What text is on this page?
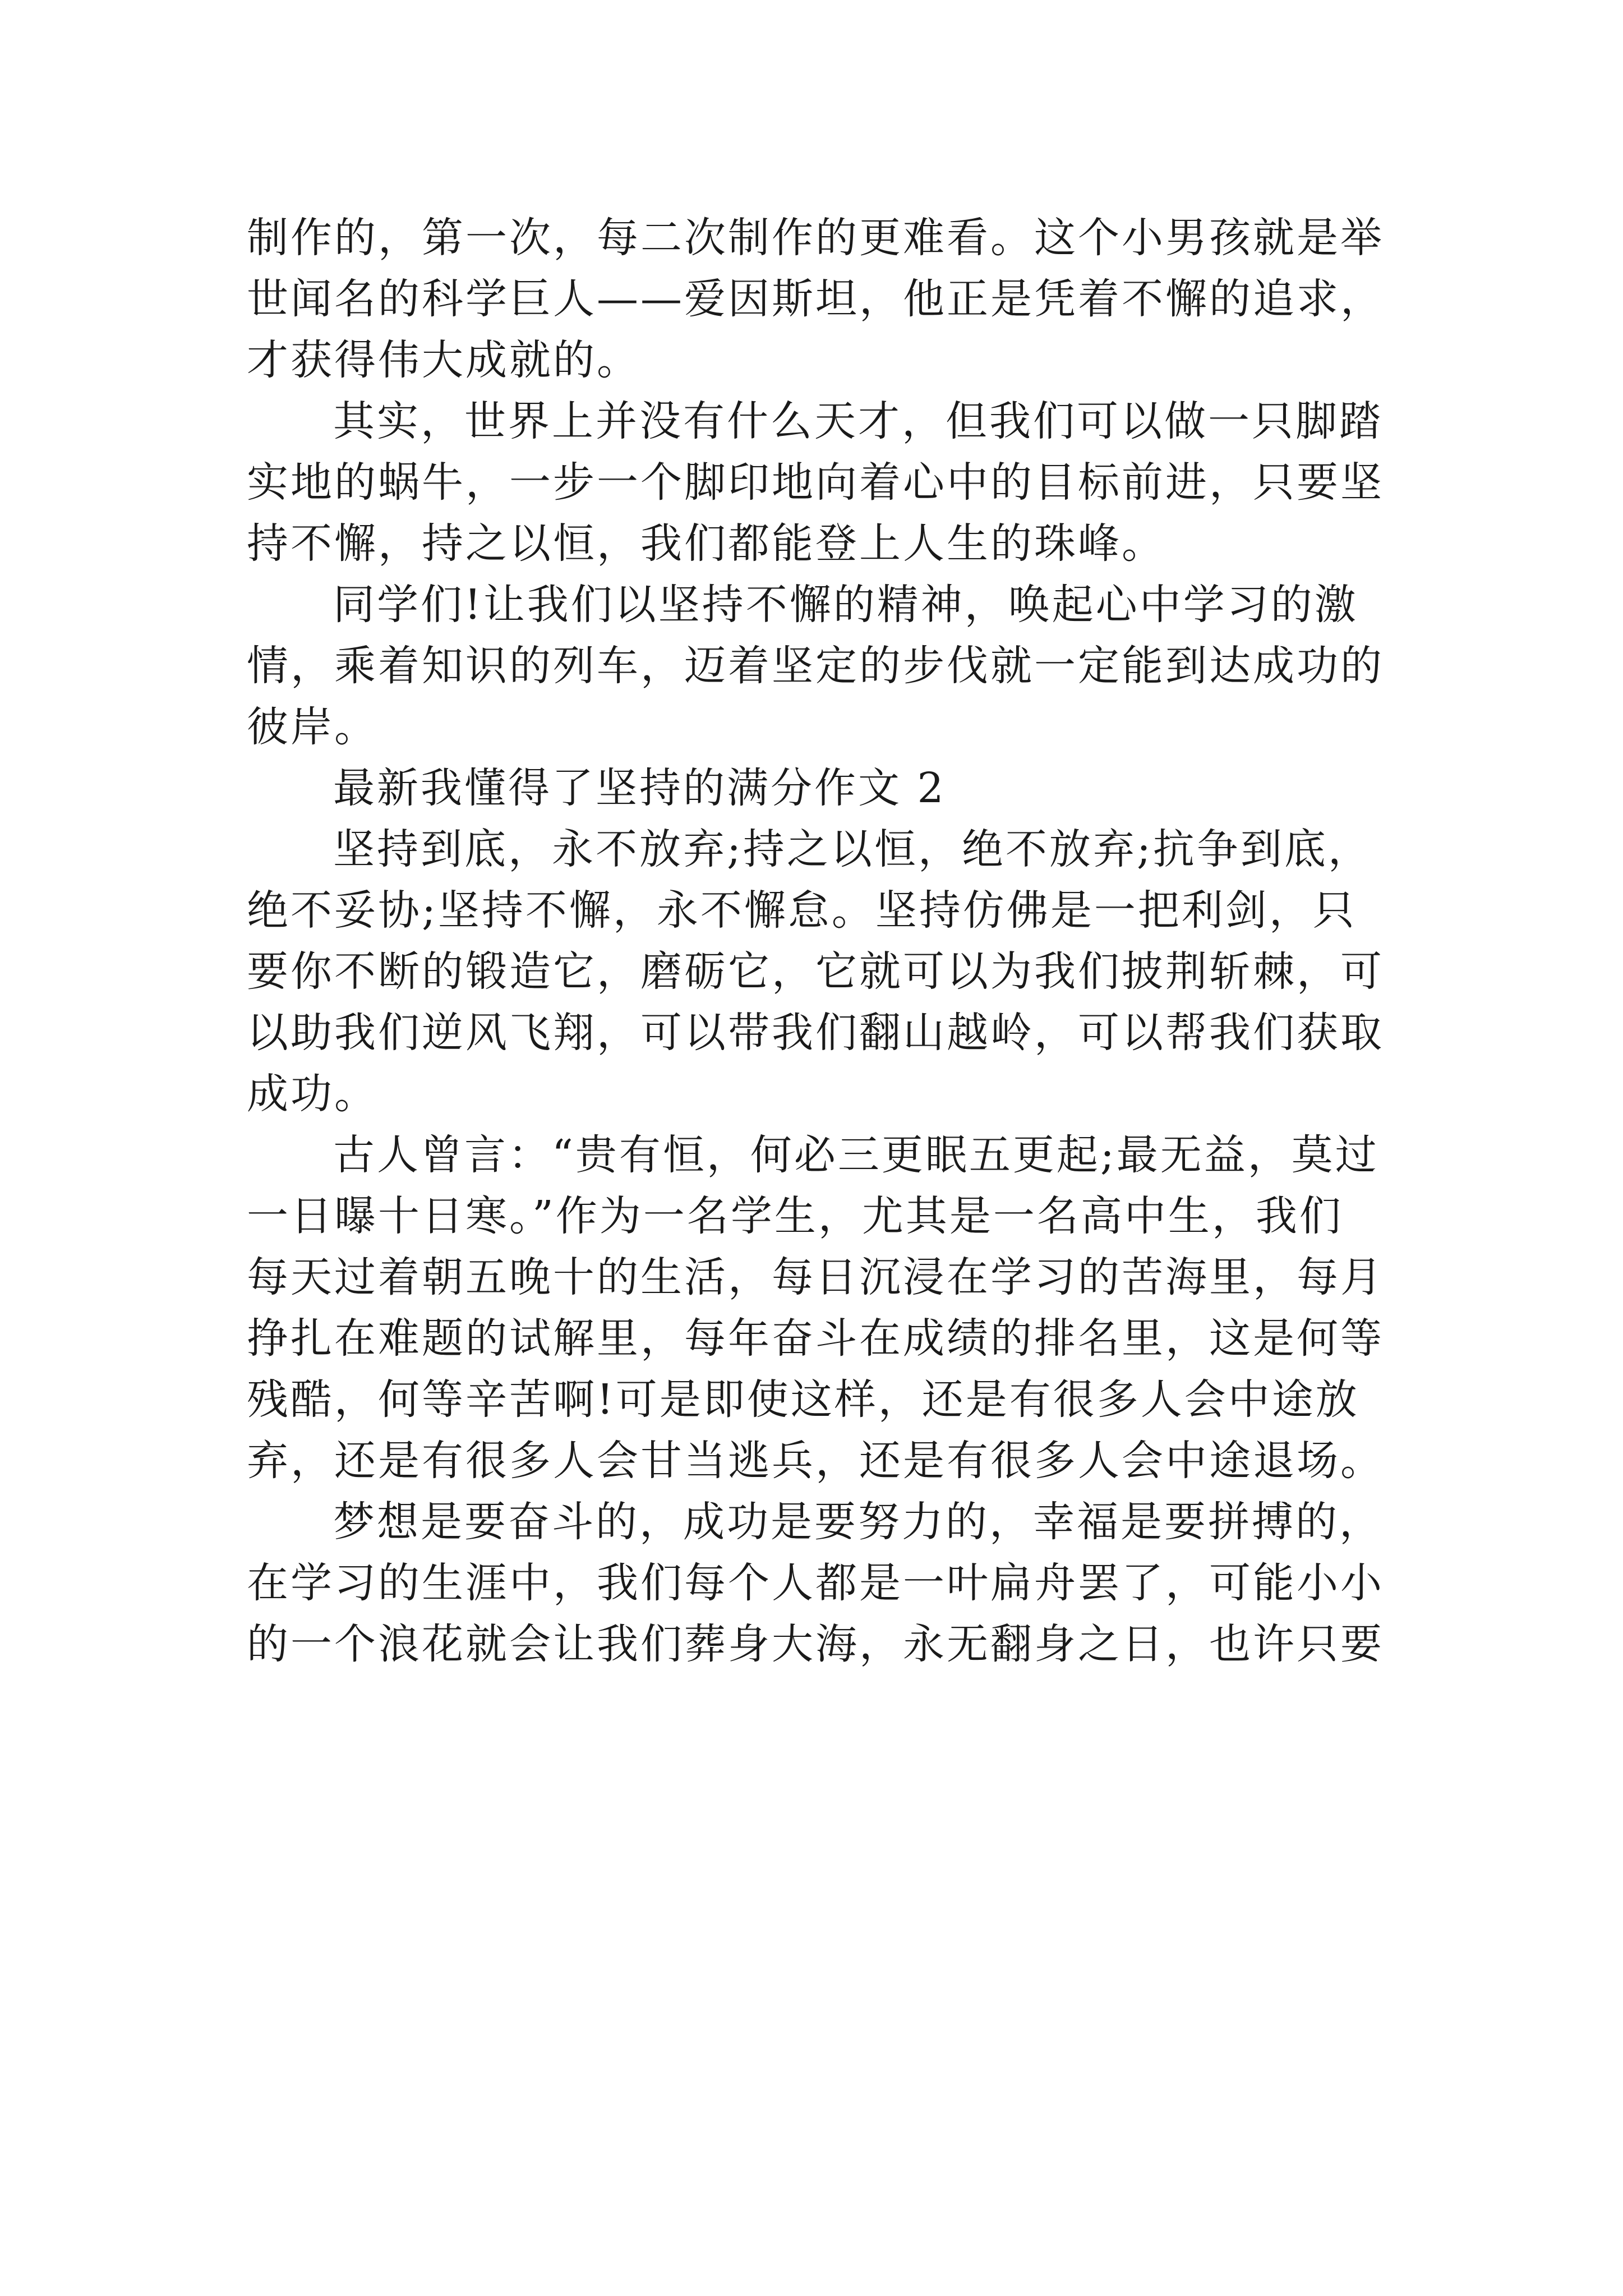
制作的，第一次，每二次制作的更难看。这个小男孩就是举
世闻名的科学巨人——爱因斯坦，他正是凭着不懈的追求，
才获得伟大成就的。

其实，世界上并没有什么天才，但我们可以做一只脚踏
实地的蜗牛，一步一个脚印地向着心中的目标前进，只要坚
持不懈，持之以恒，我们都能登上人生的珠峰。

同学们!让我们以坚持不懈的精神，唤起心中学习的激
情，乘着知识的列车，迈着坚定的步伐就一定能到达成功的
彼岸。

最新我懂得了坚持的满分作文 2

坚持到底，永不放弃;持之以恒，绝不放弃;抗争到底，
绝不妥协;坚持不懈，永不懈怠。坚持仿佛是一把利剑，只
要你不断的锻造它，磨砺它，它就可以为我们披荆斩棘，可
以助我们逆风飞翔，可以带我们翻山越岭，可以帮我们获取
成功。

古人曾言：“贵有恒，何必三更眠五更起;最无益，莫过
一日曝十日寒。”作为一名学生，尤其是一名高中生，我们
每天过着朝五晚十的生活，每日沉浸在学习的苦海里，每月
挣扎在难题的试解里，每年奋斗在成绩的排名里，这是何等
残酷，何等辛苦啊!可是即使这样，还是有很多人会中途放
弃，还是有很多人会甘当逃兵，还是有很多人会中途退场。

梦想是要奋斗的，成功是要努力的，幸福是要拼搏的，
在学习的生涯中，我们每个人都是一叶扁舟罢了，可能小小
的一个浪花就会让我们葬身大海，永无翻身之日，也许只要
